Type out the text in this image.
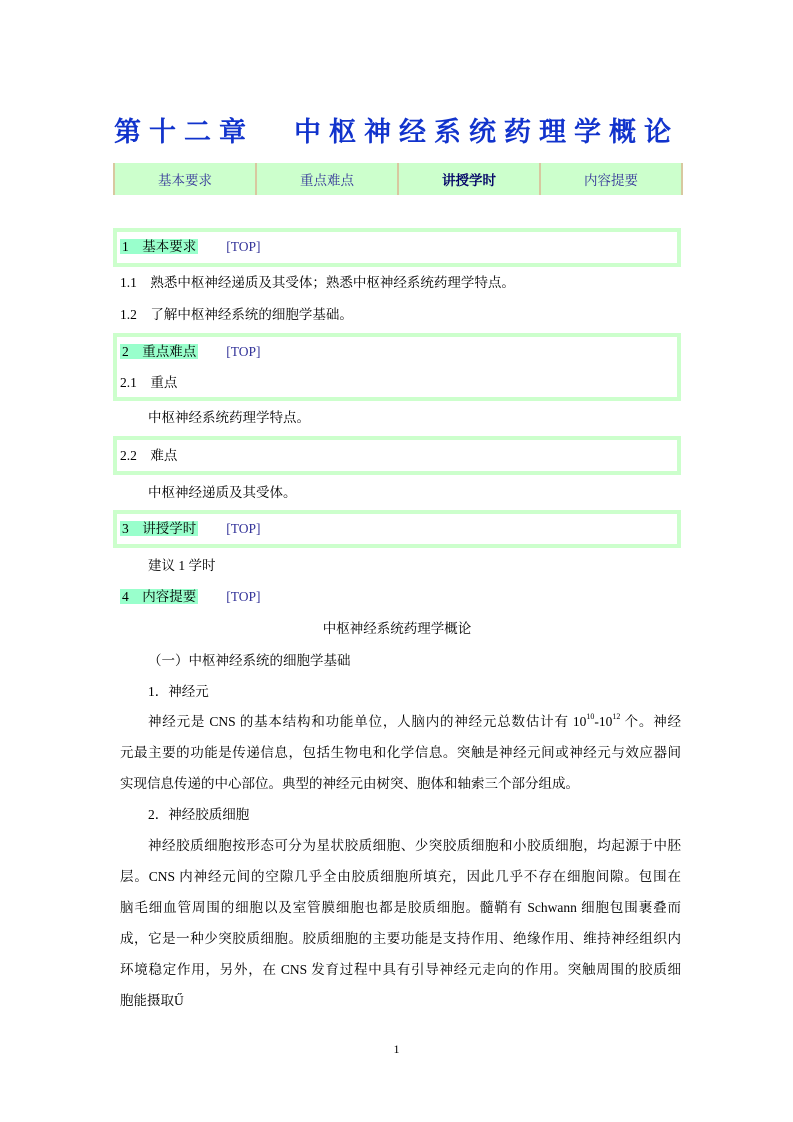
第十二章 中枢神经系统药理学概论
基本要求	重点难点	讲授学时	内容提要
1　基本要求 [TOP]
1.1　熟悉中枢神经递质及其受体；熟悉中枢神经系统药理学特点。
1.2　了解中枢神经系统的细胞学基础。
2　重点难点 [TOP]
2.1　重点
中枢神经系统药理学特点。
2.2　难点
中枢神经递质及其受体。
3　讲授学时 [TOP]
建议 1 学时
4　内容提要 [TOP]
中枢神经系统药理学概论
（一）中枢神经系统的细胞学基础
1．神经元
神经元是 CNS 的基本结构和功能单位，人脑内的神经元总数估计有 $10^{10}-10^{12}$ 个。神经
元最主要的功能是传递信息，包括生物电和化学信息。突触是神经元间或神经元与效应器间
实现信息传递的中心部位。典型的神经元由树突、胞体和轴索三个部分组成。
2．神经胶质细胞
神经胶质细胞按形态可分为星状胶质细胞、少突胶质细胞和小胶质细胞，均起源于中胚
层。CNS 内神经元间的空隙几乎全由胶质细胞所填充，因此几乎不存在细胞间隙。包围在
脑毛细血管周围的细胞以及室管膜细胞也都是胶质细胞。髓鞘有 Schwann 细胞包围裹叠而
成，它是一种少突胶质细胞。胶质细胞的主要功能是支持作用、绝缘作用、维持神经组织内
环境稳定作用，另外，在 CNS 发育过程中具有引导神经元走向的作用。突触周围的胶质细
胞能摄取Ű
1
